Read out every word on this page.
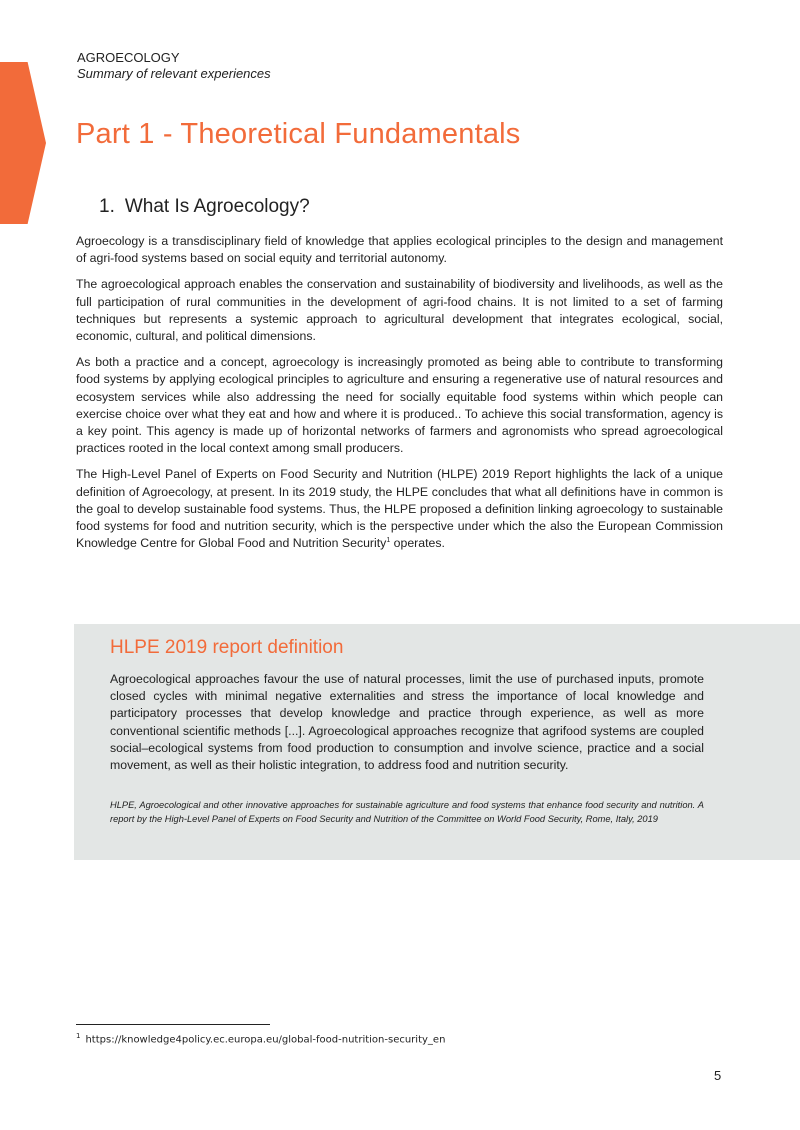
AGROECOLOGY
Summary of relevant experiences
Part 1 - Theoretical Fundamentals
1. What Is Agroecology?

Agroecology is a transdisciplinary field of knowledge that applies ecological principles to the design and management of agri-food systems based on social equity and territorial autonomy.

The agroecological approach enables the conservation and sustainability of biodiversity and livelihoods, as well as the full participation of rural communities in the development of agri-food chains. It is not limited to a set of farming techniques but represents a systemic approach to agricultural development that integrates ecological, social, economic, cultural, and political dimensions.

As both a practice and a concept, agroecology is increasingly promoted as being able to contribute to transforming food systems by applying ecological principles to agriculture and ensuring a regenerative use of natural resources and ecosystem services while also addressing the need for socially equitable food systems within which people can exercise choice over what they eat and how and where it is produced.. To achieve this social transformation, agency is a key point. This agency is made up of horizontal networks of farmers and agronomists who spread agroecological practices rooted in the local context among small producers.

The High-Level Panel of Experts on Food Security and Nutrition (HLPE) 2019 Report highlights the lack of a unique definition of Agroecology, at present. In its 2019 study, the HLPE concludes that what all definitions have in common is the goal to develop sustainable food systems. Thus, the HLPE proposed a definition linking agroecology to sustainable food systems for food and nutrition security, which is the perspective under which the also the European Commission Knowledge Centre for Global Food and Nutrition Security$^1$ operates.

HLPE 2019 report definition

Agroecological approaches favour the use of natural processes, limit the use of purchased inputs, promote closed cycles with minimal negative externalities and stress the importance of local knowledge and participatory processes that develop knowledge and practice through experience, as well as more conventional scientific methods [...]. Agroecological approaches recognize that agrifood systems are coupled social–ecological systems from food production to consumption and involve science, practice and a social movement, as well as their holistic integration, to address food and nutrition security.

HLPE, Agroecological and other innovative approaches for sustainable agriculture and food systems that enhance food security and nutrition. A report by the High-Level Panel of Experts on Food Security and Nutrition of the Committee on World Food Security, Rome, Italy, 2019

$^1$ https://knowledge4policy.ec.europa.eu/global-food-nutrition-security_en
5
